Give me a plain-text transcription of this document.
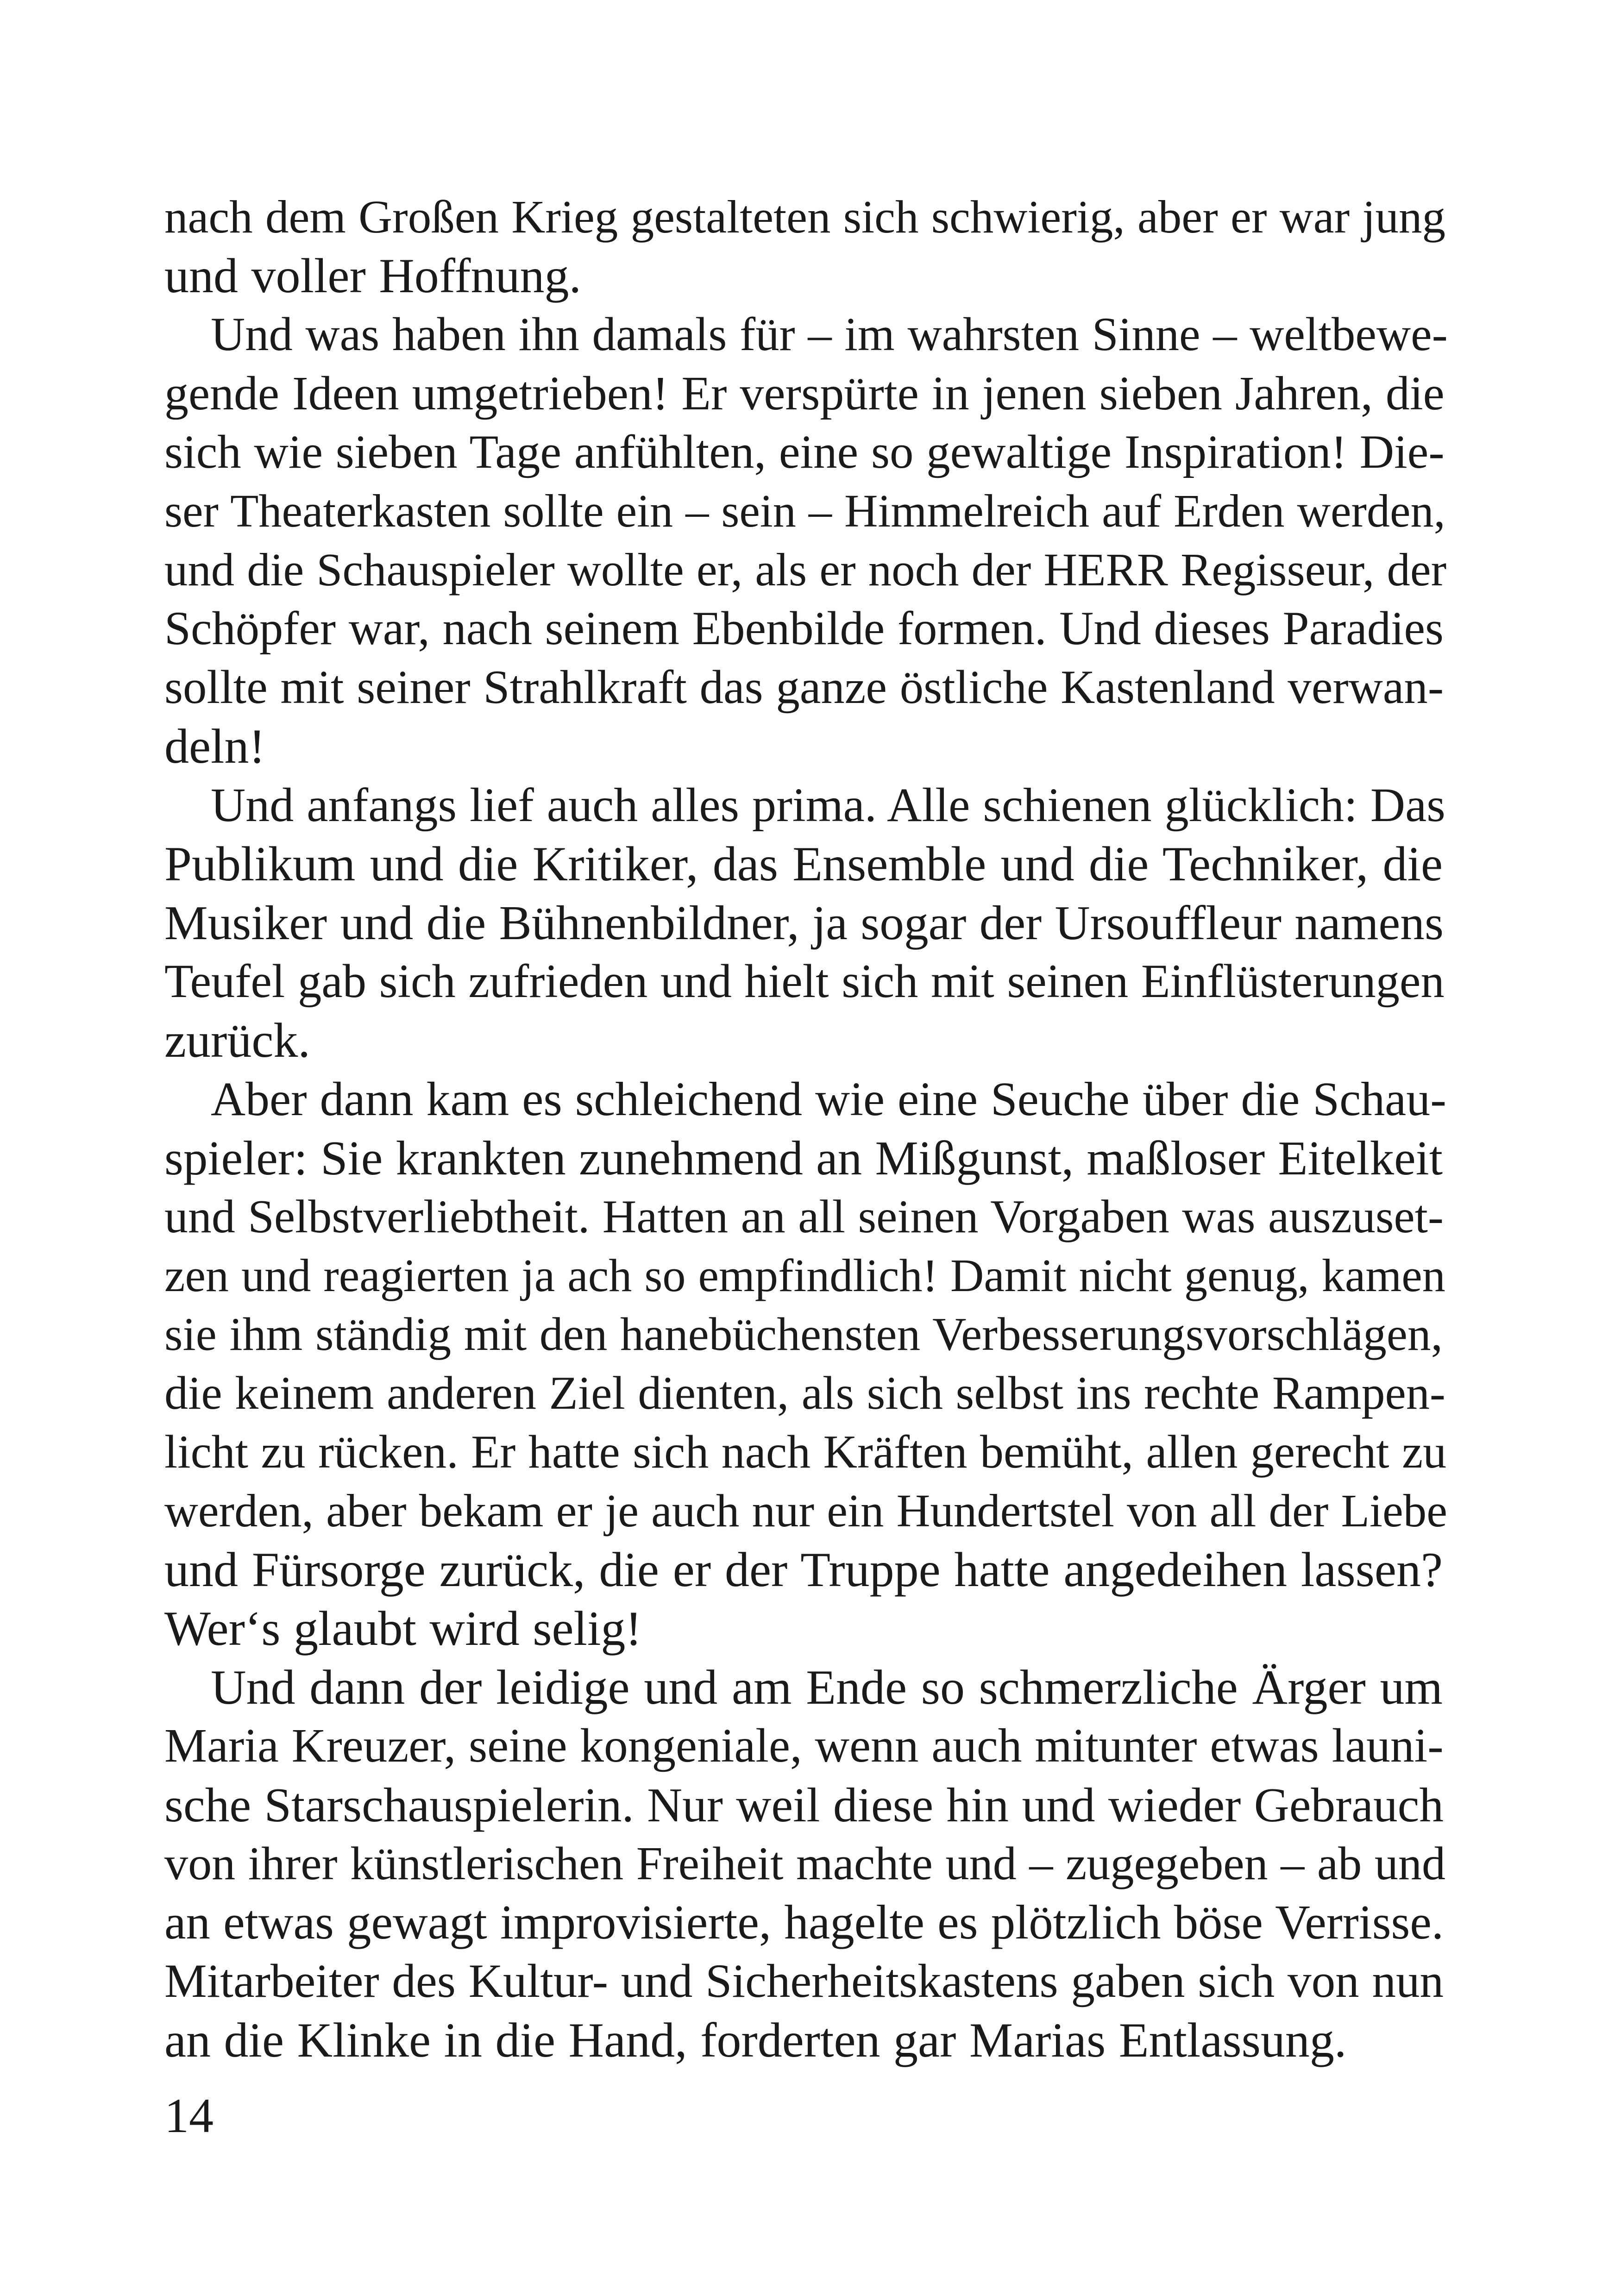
nach dem Großen Krieg gestalteten sich schwierig, aber er war jung
und voller Hoffnung.
Und was haben ihn damals für – im wahrsten Sinne – weltbewe-
gende Ideen umgetrieben! Er verspürte in jenen sieben Jahren, die
sich wie sieben Tage anfühlten, eine so gewaltige Inspiration! Die-
ser Theaterkasten sollte ein – sein – Himmelreich auf Erden werden,
und die Schauspieler wollte er, als er noch der HERR Regisseur, der
Schöpfer war, nach seinem Ebenbilde formen. Und dieses Paradies
sollte mit seiner Strahlkraft das ganze östliche Kastenland verwan-
deln!
Und anfangs lief auch alles prima. Alle schienen glücklich: Das
Publikum und die Kritiker, das Ensemble und die Techniker, die
Musiker und die Bühnenbildner, ja sogar der Ursouffleur namens
Teufel gab sich zufrieden und hielt sich mit seinen Einflüsterungen
zurück.
Aber dann kam es schleichend wie eine Seuche über die Schau-
spieler: Sie krankten zunehmend an Mißgunst, maßloser Eitelkeit
und Selbstverliebtheit. Hatten an all seinen Vorgaben was auszuset-
zen und reagierten ja ach so empfindlich! Damit nicht genug, kamen
sie ihm ständig mit den hanebüchensten Verbesserungsvorschlägen,
die keinem anderen Ziel dienten, als sich selbst ins rechte Rampen-
licht zu rücken. Er hatte sich nach Kräften bemüht, allen gerecht zu
werden, aber bekam er je auch nur ein Hundertstel von all der Liebe
und Fürsorge zurück, die er der Truppe hatte angedeihen lassen?
Wer‘s glaubt wird selig!
Und dann der leidige und am Ende so schmerzliche Ärger um
Maria Kreuzer, seine kongeniale, wenn auch mitunter etwas launi-
sche Starschauspielerin. Nur weil diese hin und wieder Gebrauch
von ihrer künstlerischen Freiheit machte und – zugegeben – ab und
an etwas gewagt improvisierte, hagelte es plötzlich böse Verrisse.
Mitarbeiter des Kultur- und Sicherheitskastens gaben sich von nun
an die Klinke in die Hand, forderten gar Marias Entlassung.
14
